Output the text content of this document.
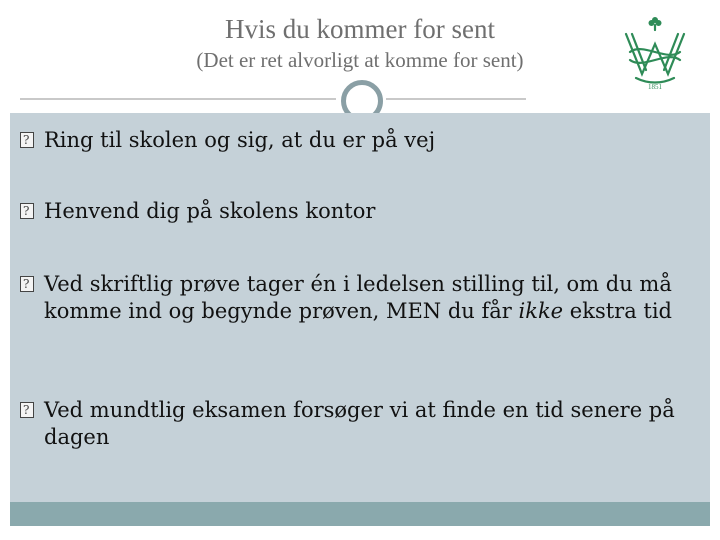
Hvis du kommer for sent
(Det er ret alvorligt at komme for sent)
1851
?
Ring til skolen og sig, at du er på vej
?
Henvend dig på skolens kontor
?
Ved skriftlig prøve tager én i ledelsen stilling til, om du må komme ind og begynde prøven, MEN du får ikke ekstra tid
?
Ved mundtlig eksamen forsøger vi at finde en tid senere på dagen
